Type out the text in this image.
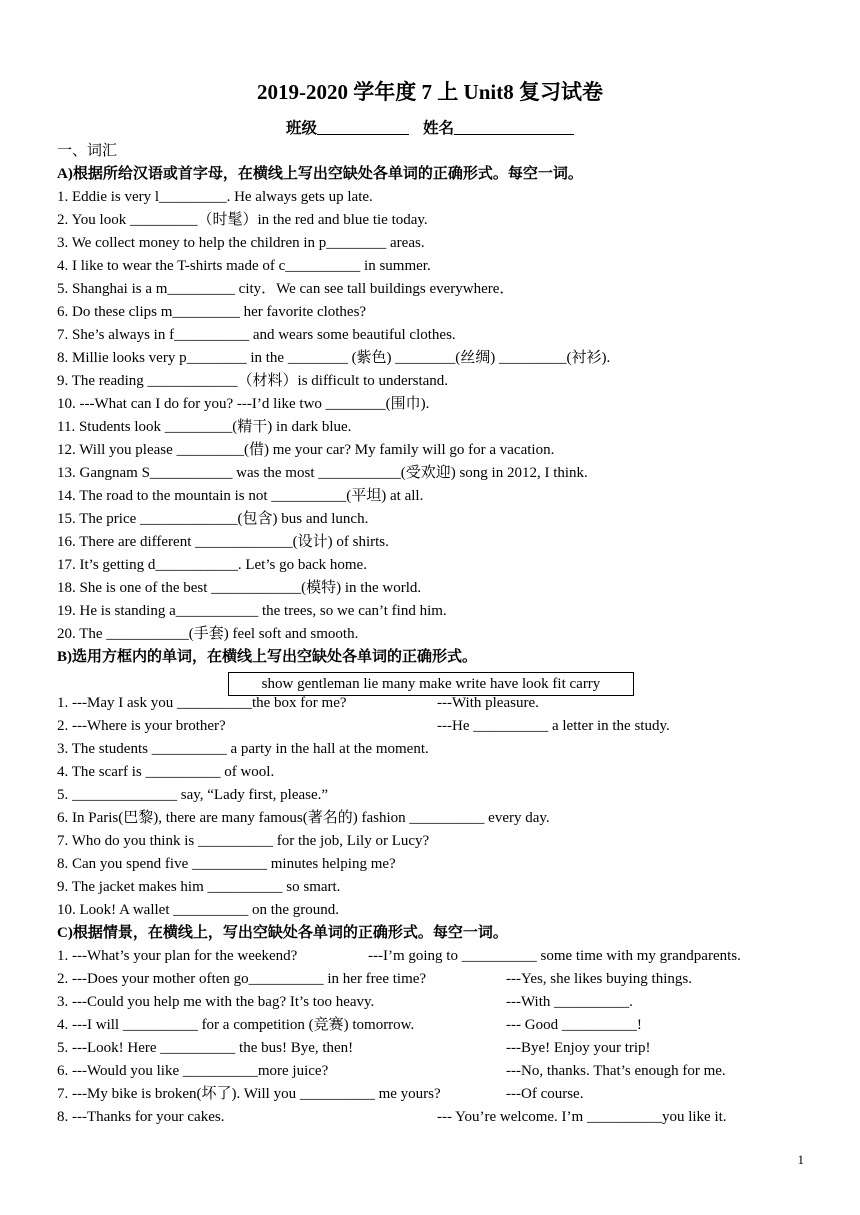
2019-2020 学年度 7 上 Unit8 复习试卷
班级	姓名
一、词汇
A)根据所给汉语或首字母，在横线上写出空缺处各单词的正确形式。每空一词。
1. Eddie is very l_________. He always gets up late.
2. You look _________（时髦）in the red and blue tie today.
3. We collect money to help the children in p________ areas.
4. I like to wear the T-shirts made of c__________ in summer.
5. Shanghai is a m_________ city．We can see tall buildings everywhere．
6. Do these clips m_________ her favorite clothes?
7. She’s always in f__________ and wears some beautiful clothes.
8. Millie looks very p________ in the ________ (紫色) ________(丝绸) _________(衬衫).
9. The reading ____________（材料）is difficult to understand.
10. ---What can I do for you? ---I’d like two ________(围巾).
11. Students look _________(精干) in dark blue.
12. Will you please _________(借) me your car? My family will go for a vacation.
13. Gangnam S___________ was the most ___________(受欢迎) song in 2012, I think.
14. The road to the mountain is not __________(平坦) at all.
15. The price _____________(包含) bus and lunch.
16. There are different _____________(设计) of shirts.
17. It’s getting d___________. Let’s go back home.
18. She is one of the best ____________(模特) in the world.
19. He is standing a___________ the trees, so we can’t find him.
20. The ___________(手套) feel soft and smooth.
B)选用方框内的单词，在横线上写出空缺处各单词的正确形式。
1. ---May I ask you __________the box for me?	---With pleasure.
2. ---Where is your brother?	---He __________ a letter in the study.
3. The students __________ a party in the hall at the moment.
4. The scarf is __________ of wool.
5. ______________ say, “Lady first, please.”
6. In Paris(巴黎), there are many famous(著名的) fashion __________ every day.
7. Who do you think is __________ for the job, Lily or Lucy?
8. Can you spend five __________ minutes helping me?
9. The jacket makes him __________ so smart.
10. Look! A wallet __________ on the ground.
C)根据情景，在横线上，写出空缺处各单词的正确形式。每空一词。
1. ---What’s your plan for the weekend?	---I’m going to __________ some time with my grandparents.
2. ---Does your mother often go__________ in her free time?	---Yes, she likes buying things.
3. ---Could you help me with the bag? It’s too heavy.	---With __________.
4. ---I will __________ for a competition (竞赛) tomorrow.	--- Good __________!
5. ---Look! Here __________ the bus! Bye, then!	---Bye! Enjoy your trip!
6. ---Would you like __________more juice?	---No, thanks. That’s enough for me.
7. ---My bike is broken(坏了). Will you __________ me yours?	---Of course.
8. ---Thanks for your cakes.	--- You’re welcome. I’m __________you like it.
show gentleman lie many make write have look fit carry
1
